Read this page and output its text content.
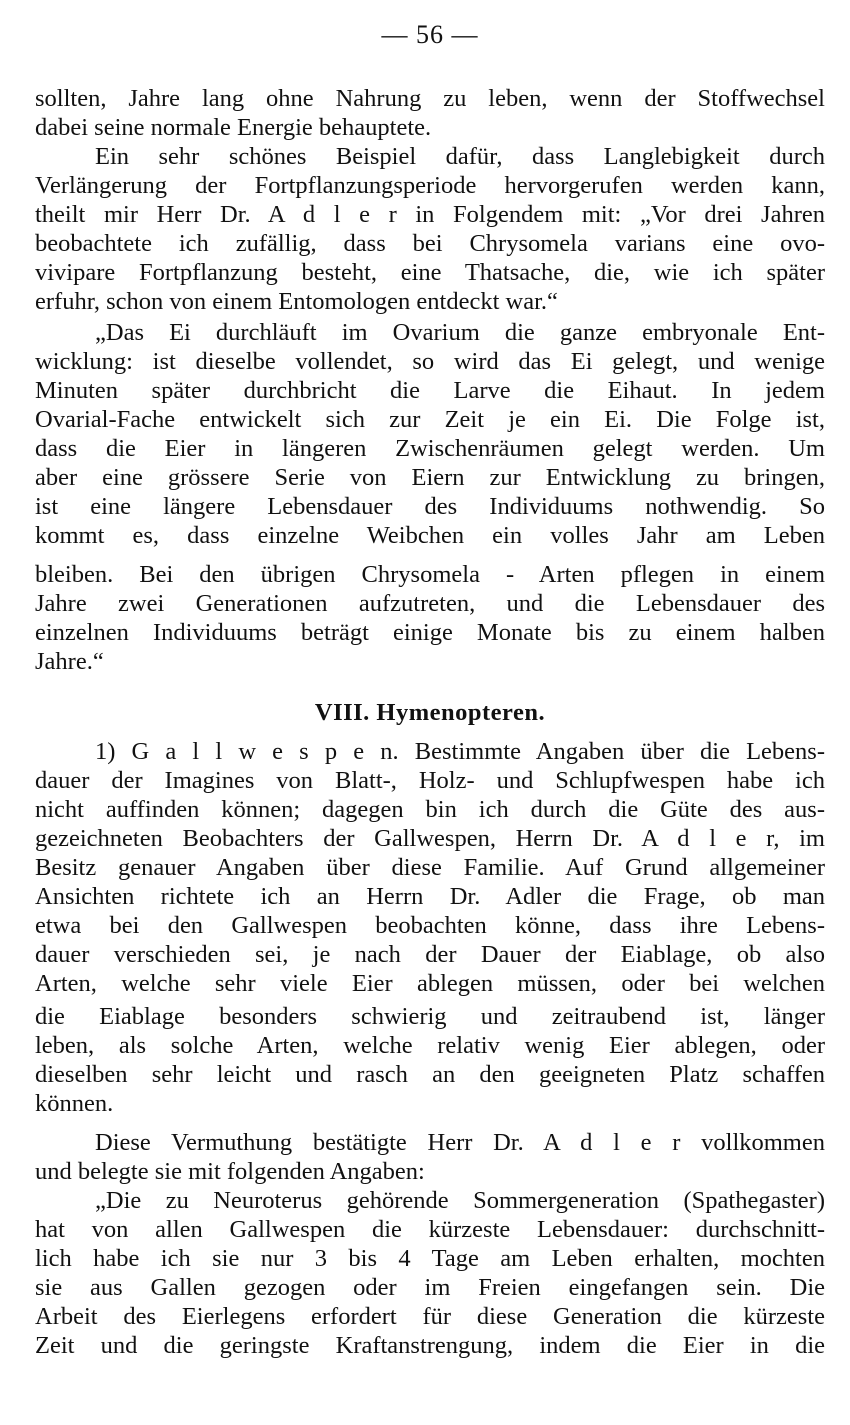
— 56 —
sollten, Jahre lang ohne Nahrung zu leben, wenn der Stoffwechsel
dabei seine normale Energie behauptete.
Ein sehr schönes Beispiel dafür, dass Langlebigkeit durch
Verlängerung der Fortpflanzungsperiode hervorgerufen werden kann,
theilt mir Herr Dr. A d l e r in Folgendem mit: „Vor drei Jahren
beobachtete ich zufällig, dass bei Chrysomela varians eine ovo-
vivipare Fortpflanzung besteht, eine Thatsache, die, wie ich später
erfuhr, schon von einem Entomologen entdeckt war.“
„Das Ei durchläuft im Ovarium die ganze embryonale Ent-
wicklung: ist dieselbe vollendet, so wird das Ei gelegt, und wenige
Minuten später durchbricht die Larve die Eihaut. In jedem
Ovarial-Fache entwickelt sich zur Zeit je ein Ei. Die Folge ist,
dass die Eier in längeren Zwischenräumen gelegt werden. Um
aber eine grössere Serie von Eiern zur Entwicklung zu bringen,
ist eine längere Lebensdauer des Individuums nothwendig. So
kommt es, dass einzelne Weibchen ein volles Jahr am Leben
bleiben. Bei den übrigen Chrysomela - Arten pflegen in einem
Jahre zwei Generationen aufzutreten, und die Lebensdauer des
einzelnen Individuums beträgt einige Monate bis zu einem halben
Jahre.“
VIII. Hymenopteren.
1) G a l l w e s p e n. Bestimmte Angaben über die Lebens-
dauer der Imagines von Blatt-, Holz- und Schlupfwespen habe ich
nicht auffinden können; dagegen bin ich durch die Güte des aus-
gezeichneten Beobachters der Gallwespen, Herrn Dr. A d l e r, im
Besitz genauer Angaben über diese Familie. Auf Grund allgemeiner
Ansichten richtete ich an Herrn Dr. Adler die Frage, ob man
etwa bei den Gallwespen beobachten könne, dass ihre Lebens-
dauer verschieden sei, je nach der Dauer der Eiablage, ob also
Arten, welche sehr viele Eier ablegen müssen, oder bei welchen
die Eiablage besonders schwierig und zeitraubend ist, länger
leben, als solche Arten, welche relativ wenig Eier ablegen, oder
dieselben sehr leicht und rasch an den geeigneten Platz schaffen
können.
Diese Vermuthung bestätigte Herr Dr. A d l e r vollkommen
und belegte sie mit folgenden Angaben:
„Die zu Neuroterus gehörende Sommergeneration (Spathegaster)
hat von allen Gallwespen die kürzeste Lebensdauer: durchschnitt-
lich habe ich sie nur 3 bis 4 Tage am Leben erhalten, mochten
sie aus Gallen gezogen oder im Freien eingefangen sein. Die
Arbeit des Eierlegens erfordert für diese Generation die kürzeste
Zeit und die geringste Kraftanstrengung, indem die Eier in die
